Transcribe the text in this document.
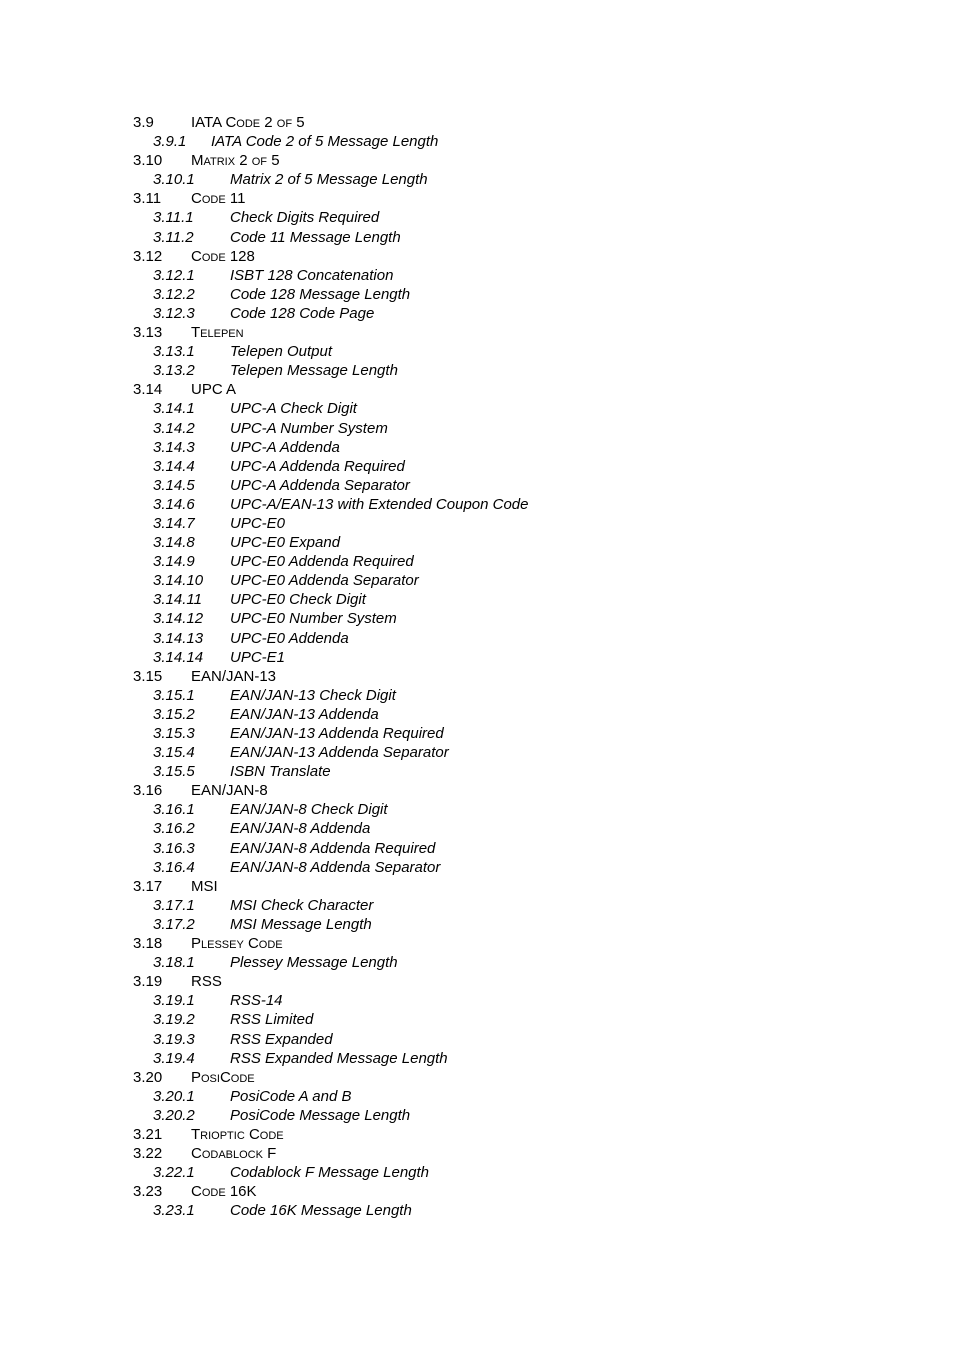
3.9 IATA Code 2 of 5
3.9.1 IATA Code 2 of 5 Message Length
3.10 Matrix 2 of 5
3.10.1 Matrix 2 of 5 Message Length
3.11 Code 11
3.11.1 Check Digits Required
3.11.2 Code 11 Message Length
3.12 Code 128
3.12.1 ISBT 128 Concatenation
3.12.2 Code 128 Message Length
3.12.3 Code 128 Code Page
3.13 Telepen
3.13.1 Telepen Output
3.13.2 Telepen Message Length
3.14 UPC A
3.14.1 UPC-A Check Digit
3.14.2 UPC-A Number System
3.14.3 UPC-A Addenda
3.14.4 UPC-A Addenda Required
3.14.5 UPC-A Addenda Separator
3.14.6 UPC-A/EAN-13 with Extended Coupon Code
3.14.7 UPC-E0
3.14.8 UPC-E0 Expand
3.14.9 UPC-E0 Addenda Required
3.14.10 UPC-E0 Addenda Separator
3.14.11 UPC-E0 Check Digit
3.14.12 UPC-E0 Number System
3.14.13 UPC-E0 Addenda
3.14.14 UPC-E1
3.15 EAN/JAN-13
3.15.1 EAN/JAN-13 Check Digit
3.15.2 EAN/JAN-13 Addenda
3.15.3 EAN/JAN-13 Addenda Required
3.15.4 EAN/JAN-13 Addenda Separator
3.15.5 ISBN Translate
3.16 EAN/JAN-8
3.16.1 EAN/JAN-8 Check Digit
3.16.2 EAN/JAN-8 Addenda
3.16.3 EAN/JAN-8 Addenda Required
3.16.4 EAN/JAN-8 Addenda Separator
3.17 MSI
3.17.1 MSI Check Character
3.17.2 MSI Message Length
3.18 Plessey Code
3.18.1 Plessey Message Length
3.19 RSS
3.19.1 RSS-14
3.19.2 RSS Limited
3.19.3 RSS Expanded
3.19.4 RSS Expanded Message Length
3.20 PosiCode
3.20.1 PosiCode A and B
3.20.2 PosiCode Message Length
3.21 Trioptic Code
3.22 Codablock F
3.22.1 Codablock F Message Length
3.23 Code 16K
3.23.1 Code 16K Message Length
